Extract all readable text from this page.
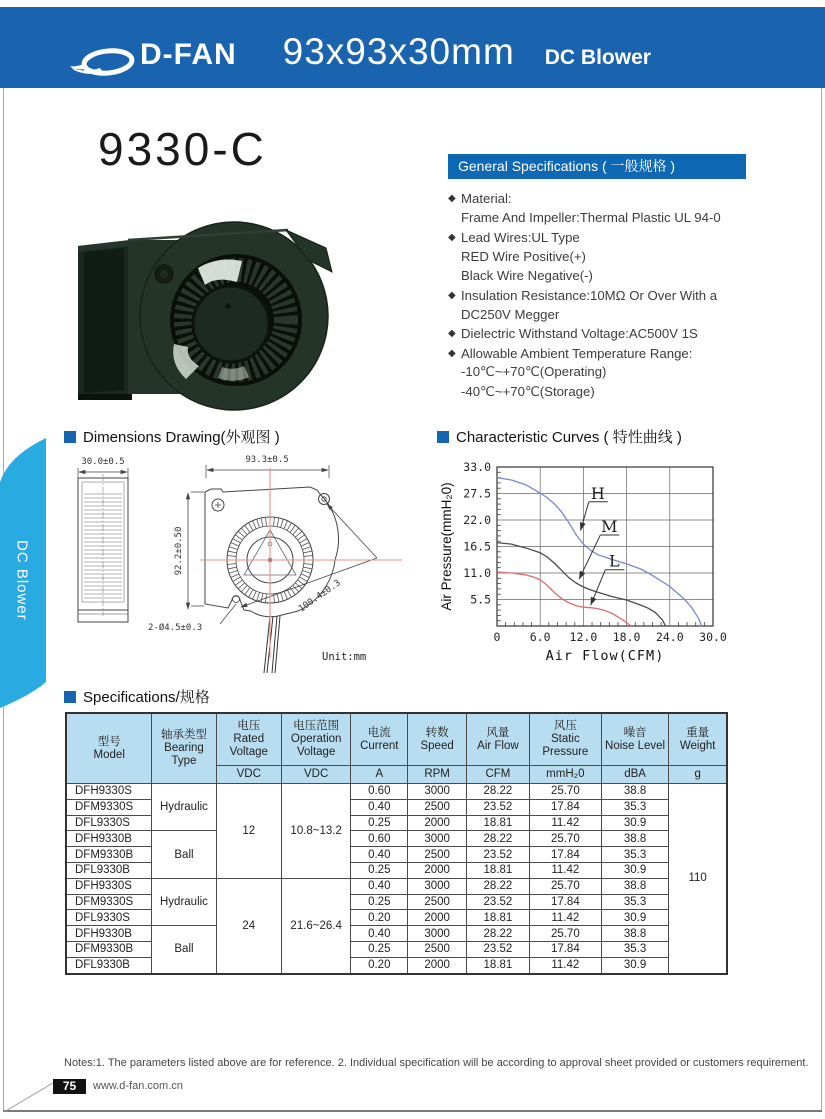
D-FAN 93x93x30mm DC Blower
9330-C	General Specifications ( 一般规格 )
◆ Material:
Frame And Impeller:Thermal Plastic UL 94-0
◆ Lead Wires:UL Type
RED Wire Positive(+)
Black Wire Negative(-)
◆ Insulation Resistance:10MΩ Or Over With a
DC250V Megger
◆ Dielectric Withstand Voltage:AC500V 1S
◆ Allowable Ambient Temperature Range:
-10℃~+70℃(Operating)
-40℃~+70℃(Storage)
Dimensions Drawing(外观图 )	Characteristic Curves ( 特性曲线 )
Specifications/规格
30.0±0.5	93.3±0.5
92.2±0.50
100.4±0.3
2-Ø4.5±0.3
Unit:mm
H
M
L
0	6.0 12.0 18.0 24.0 30.0
5.5
11.0
16.5
22.0
27.5
33.0
Air Flow(CFM)
Air Pressure(mmH₂0)
型号
Model

轴承类型
Bearing
Type

电压
Rated
Voltage

电压范围
Operation
Voltage

电流
Current

转数
Speed

风量
Air Flow

风压
Static
Pressure

噪音
Noise Level

重量
Weight

		VDC	VDC	A	RPM	CFM	mmH₂0	dBA	g
DFH9330S	Hydraulic	12	10.8~13.2	0.60	3000	28.22	25.70	38.8	110
DFM9330S				0.40	2500	23.52	17.84	35.3	
DFL9330S				0.25	2000	18.81	11.42	30.9	
DFH9330B	Ball			0.60	3000	28.22	25.70	38.8	
DFM9330B				0.40	2500	23.52	17.84	35.3	
DFL9330B				0.25	2000	18.81	11.42	30.9	
DFH9330S	Hydraulic	24	21.6~26.4	0.40	3000	28.22	25.70	38.8	
DFM9330S				0.25	2500	23.52	17.84	35.3	
DFL9330S				0.20	2000	18.81	11.42	30.9	
DFH9330B	Ball			0.40	3000	28.22	25.70	38.8	
DFM9330B				0.25	2500	23.52	17.84	35.3	
DFL9330B				0.20	2000	18.81	11.42	30.9	
Notes:1. The parameters listed above are for reference. 2. Individual specification will be according to approval sheet provided or customers requirement.
75	www.d-fan.com.cn
DC Blower
